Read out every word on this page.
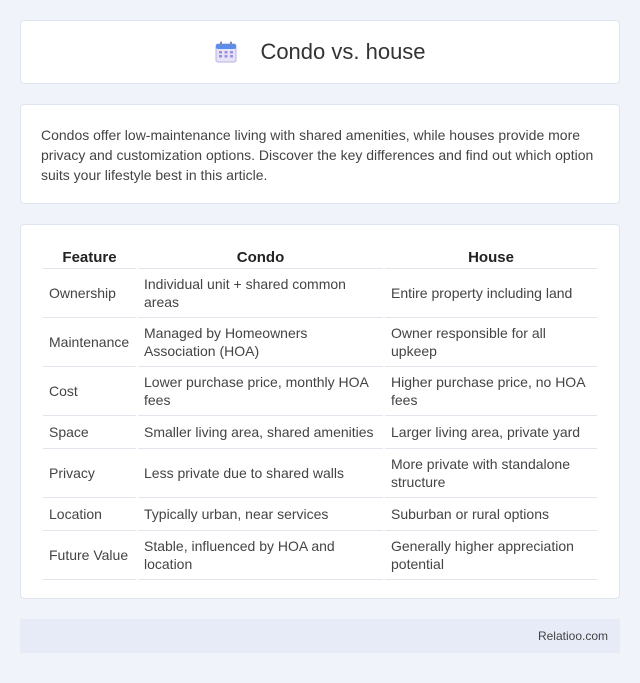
Condo vs. house

Condos offer low-maintenance living with shared amenities, while houses provide more privacy and customization options. Discover the key differences and find out which option suits your lifestyle best in this article.

Feature	Condo	House
Ownership	Individual unit + shared common areas	Entire property including land
Maintenance	Managed by Homeowners Association (HOA)	Owner responsible for all upkeep
Cost	Lower purchase price, monthly HOA fees	Higher purchase price, no HOA fees
Space	Smaller living area, shared amenities	Larger living area, private yard
Privacy	Less private due to shared walls	More private with standalone structure
Location	Typically urban, near services	Suburban or rural options
Future Value	Stable, influenced by HOA and location	Generally higher appreciation potential
Relatioo.com
